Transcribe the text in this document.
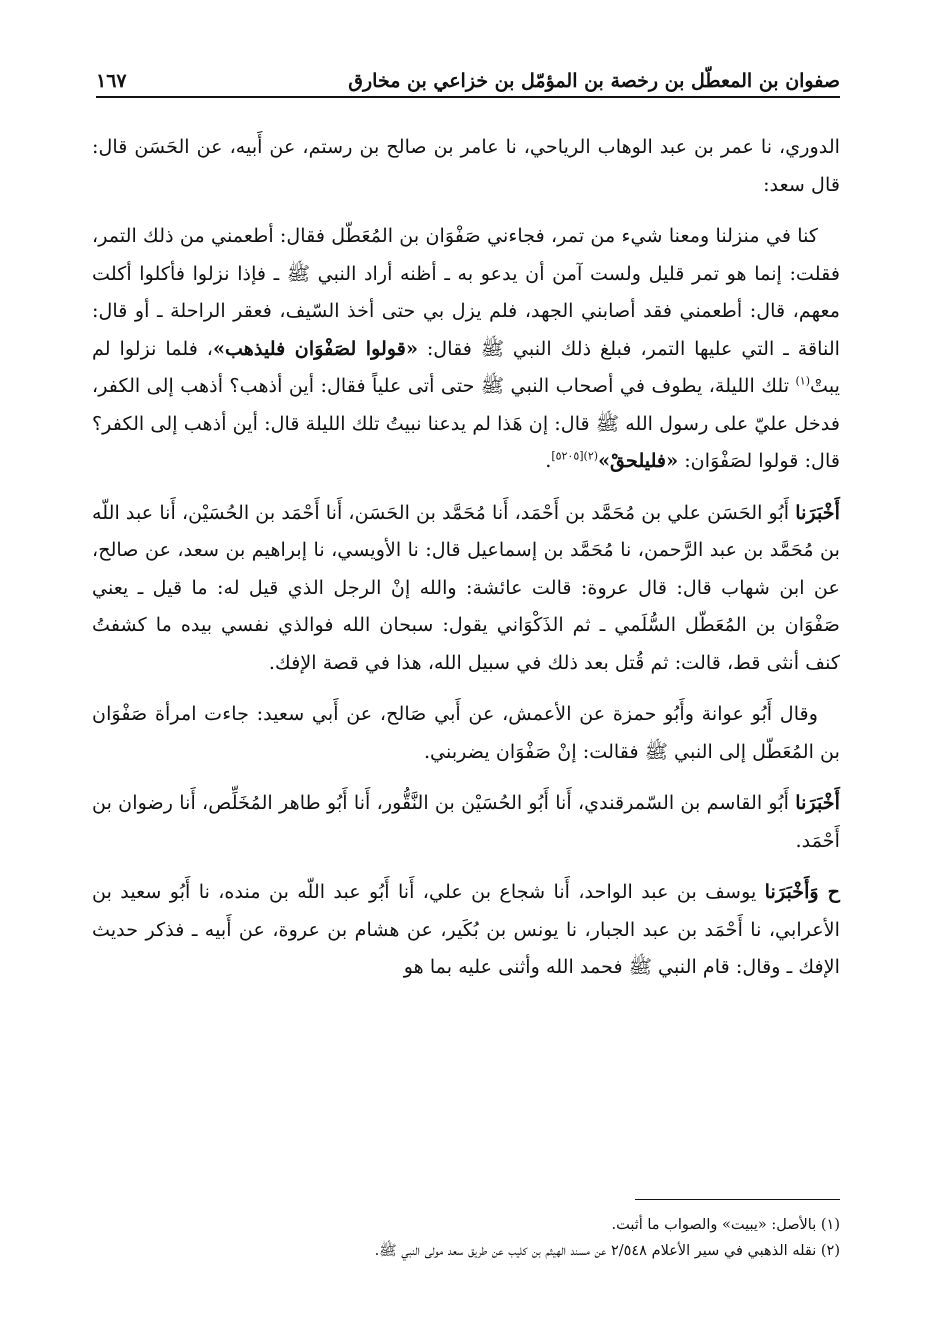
صفوان بن المعطّل بن رخصة بن المؤمّل بن خزاعي بن مخارق
١٦٧

الدوري، نا عمر بن عبد الوهاب الرياحي، نا عامر بن صالح بن رستم، عن أَبيه، عن الحَسَن قال: قال سعد:

كنا في منزلنا ومعنا شيء من تمر، فجاءني صَفْوَان بن المُعَطّل فقال: أطعمني من ذلك التمر، فقلت: إنما هو تمر قليل ولست آمن أن يدعو به ـ أظنه أراد النبي ﷺ ـ فإذا نزلوا فأكلوا أكلت معهم، قال: أطعمني فقد أصابني الجهد، فلم يزل بي حتى أخذ السّيف، فعقر الراحلة ـ أو قال: الناقة ـ التي عليها التمر، فبلغ ذلك النبي ﷺ فقال: «قولوا لصَفْوَان فليذهب»، فلما نزلوا لم يبتْ$^{(١)}$ تلك الليلة، يطوف في أصحاب النبي ﷺ حتى أتى علياً فقال: أين أذهب؟ أذهب إلى الكفر، فدخل عليّ على رسول الله ﷺ قال: إن هَذا لم يدعنا نبيتُ تلك الليلة قال: أين أذهب إلى الكفر؟ قال: قولوا لصَفْوَان: «فليلحقْ»$^{(٢)[٥٢٠٥]}$.

أَخْبَرَنا أَبُو الحَسَن علي بن مُحَمَّد بن أَحْمَد، أَنا مُحَمَّد بن الحَسَن، أَنا أَحْمَد بن الحُسَيْن، أَنا عبد اللّه بن مُحَمَّد بن عبد الرَّحمن، نا مُحَمَّد بن إسماعيل قال: نا الأويسي، نا إبراهيم بن سعد، عن صالح، عن ابن شهاب قال: قال عروة: قالت عائشة: والله إنْ الرجل الذي قيل له: ما قيل ـ يعني صَفْوَان بن المُعَطّل السُّلَمي ـ ثم الذَكْوَاني يقول: سبحان الله فوالذي نفسي بيده ما كشفتُ كنف أنثى قط، قالت: ثم قُتل بعد ذلك في سبيل الله، هذا في قصة الإفك.

وقال أَبُو عوانة وأَبُو حمزة عن الأعمش، عن أَبي صَالح، عن أَبي سعيد: جاءت امرأة صَفْوَان بن المُعَطّل إلى النبي ﷺ فقالت: إنْ صَفْوَان يضربني.

أَخْبَرَنا أَبُو القاسم بن السّمرقندي، أَنا أَبُو الحُسَيْن بن النَّقُّور، أَنا أَبُو طاهر المُخَلِّص، أَنا رضوان بن أَحْمَد.

ح وَأَخْبَرَنا يوسف بن عبد الواحد، أَنا شجاع بن علي، أَنا أَبُو عبد اللّه بن منده، نا أَبُو سعيد بن الأعرابي، نا أَحْمَد بن عبد الجبار، نا يونس بن بُكَير، عن هشام بن عروة، عن أَبيه ـ فذكر حديث الإفك ـ وقال: قام النبي ﷺ فحمد الله وأثنى عليه بما هو

(١) بالأصل: «يبيت» والصواب ما أثبت.

(٢) نقله الذهبي في سير الأعلام ٢/٥٤٨ عن مسند الهيثم بن كليب عن طريق سعد مولى النبي ﷺ.
